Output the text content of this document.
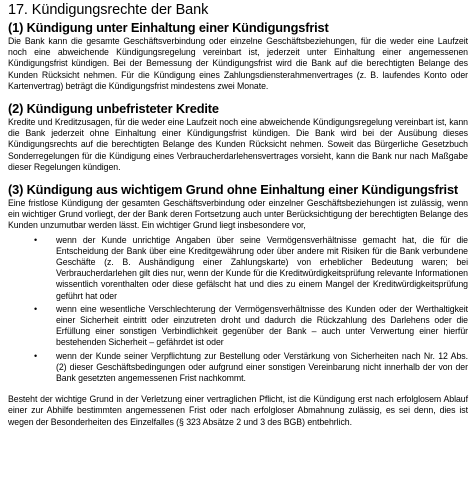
17. Kündigungsrechte der Bank
(1) Kündigung unter Einhaltung einer Kündigungsfrist

Die Bank kann die gesamte Geschäftsverbindung oder einzelne Geschäftsbeziehungen, für die weder eine Laufzeit noch eine abweichende Kündigungsregelung vereinbart ist, jederzeit unter Einhaltung einer angemessenen Kündigungsfrist kündigen. Bei der Bemessung der Kündigungsfrist wird die Bank auf die berechtigten Belange des Kunden Rücksicht nehmen. Für die Kündigung eines Zahlungsdiensterahmenvertrages (z. B. laufendes Konto oder Kartenvertrag) beträgt die Kündigungsfrist mindestens zwei Monate.

(2) Kündigung unbefristeter Kredite

Kredite und Kreditzusagen, für die weder eine Laufzeit noch eine abweichende Kündigungsregelung vereinbart ist, kann die Bank jederzeit ohne Einhaltung einer Kündigungsfrist kündigen. Die Bank wird bei der Ausübung dieses Kündigungsrechts auf die berechtigten Belange des Kunden Rücksicht nehmen. Soweit das Bürgerliche Gesetzbuch Sonderregelungen für die Kündigung eines Verbraucherdarlehensvertrages vorsieht, kann die Bank nur nach Maßgabe dieser Regelungen kündigen.

(3) Kündigung aus wichtigem Grund ohne Einhaltung einer Kündigungsfrist

Eine fristlose Kündigung der gesamten Geschäftsverbindung oder einzelner Geschäftsbeziehungen ist zulässig, wenn ein wichtiger Grund vorliegt, der der Bank deren Fortsetzung auch unter Berücksichtigung der berechtigten Belange des Kunden unzumutbar werden lässt. Ein wichtiger Grund liegt insbesondere vor,

• wenn der Kunde unrichtige Angaben über seine Vermögensverhältnisse gemacht hat, die für die Entscheidung der Bank über eine Kreditgewährung oder über andere mit Risiken für die Bank verbundene Geschäfte (z. B. Aushändigung einer Zahlungskarte) von erheblicher Bedeutung waren; bei Verbraucherdarlehen gilt dies nur, wenn der Kunde für die Kreditwürdigkeitsprüfung relevante Informationen wissentlich vorenthalten oder diese gefälscht hat und dies zu einem Mangel der Kreditwürdigkeitsprüfung geführt hat oder
• wenn eine wesentliche Verschlechterung der Vermögensverhältnisse des Kunden oder der Werthaltigkeit einer Sicherheit eintritt oder einzutreten droht und dadurch die Rückzahlung des Darlehens oder die Erfüllung einer sonstigen Verbindlichkeit gegenüber der Bank – auch unter Verwertung einer hierfür bestehenden Sicherheit – gefährdet ist oder
• wenn der Kunde seiner Verpflichtung zur Bestellung oder Verstärkung von Sicherheiten nach Nr. 12 Abs. (2) dieser Geschäftsbedingungen oder aufgrund einer sonstigen Vereinbarung nicht innerhalb der von der Bank gesetzten angemessenen Frist nachkommt.

Besteht der wichtige Grund in der Verletzung einer vertraglichen Pflicht, ist die Kündigung erst nach erfolglosem Ablauf einer zur Abhilfe bestimmten angemessenen Frist oder nach erfolgloser Abmahnung zulässig, es sei denn, dies ist wegen der Besonderheiten des Einzelfalles (§ 323 Absätze 2 und 3 des BGB) entbehrlich.
